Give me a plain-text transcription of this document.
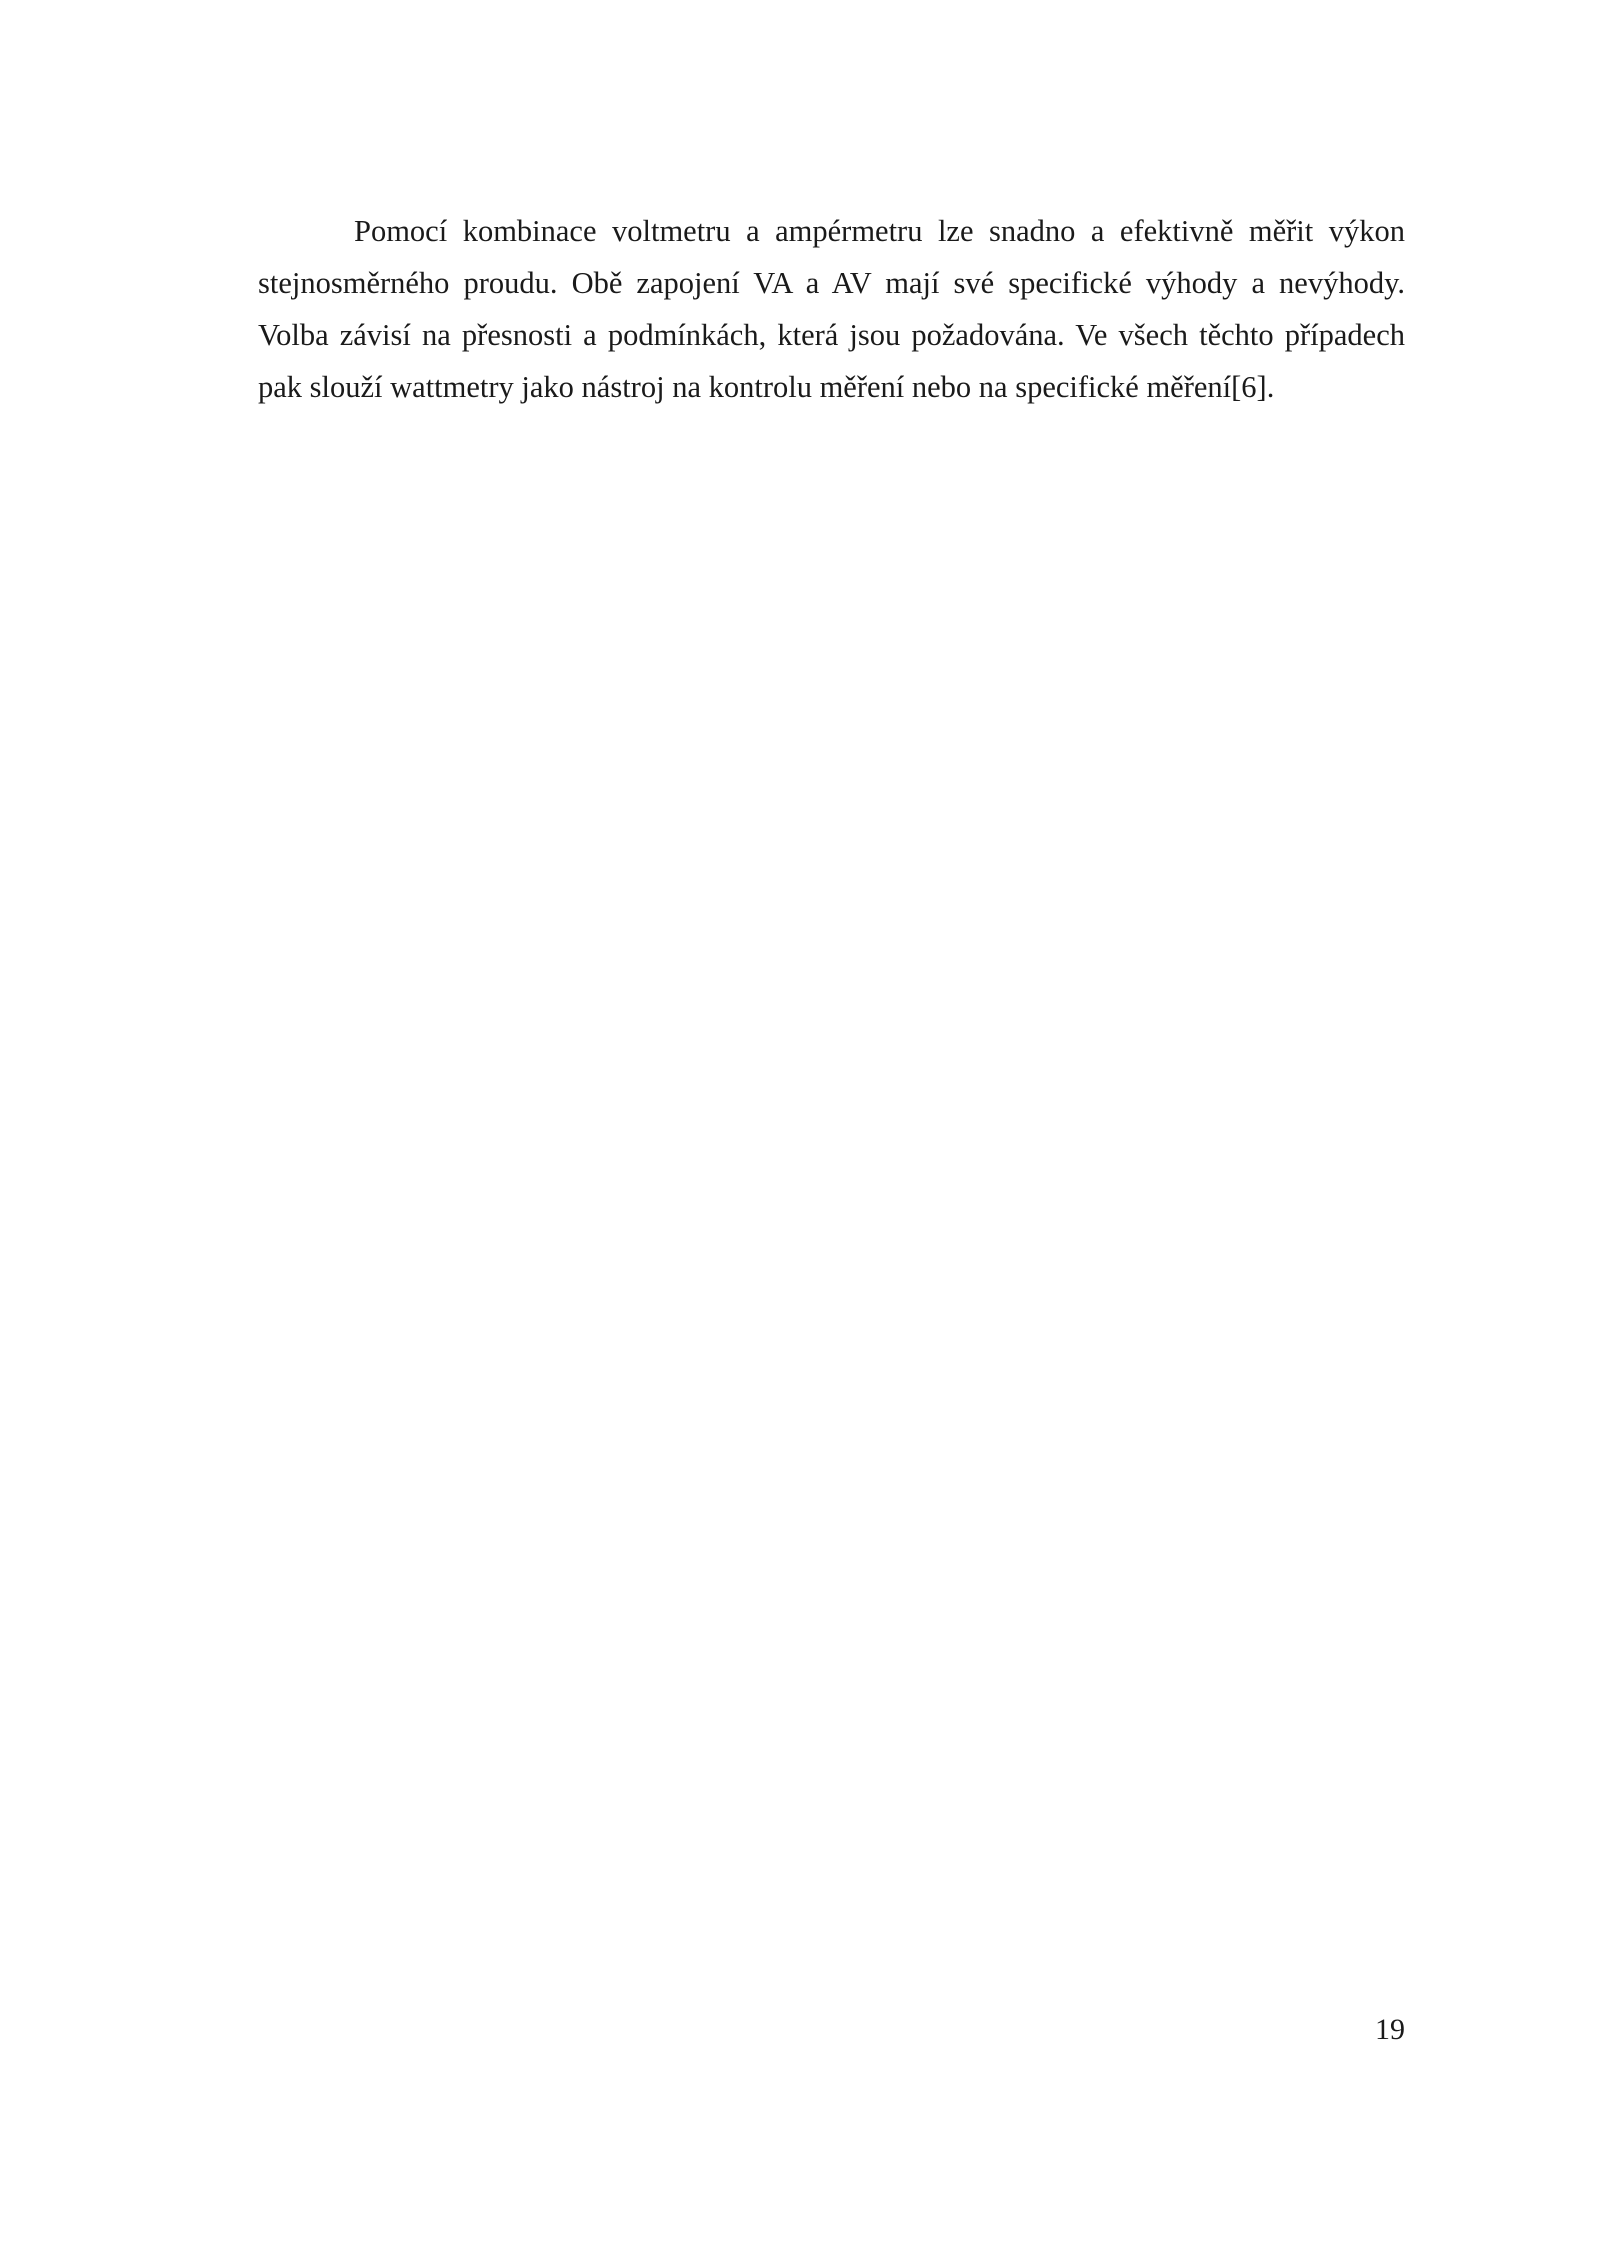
Pomocí kombinace voltmetru a ampérmetru lze snadno a efektivně měřit výkon stejnosměrného proudu. Obě zapojení VA a AV mají své specifické výhody a nevýhody. Volba závisí na přesnosti a podmínkách, která jsou požadována. Ve všech těchto případech pak slouží wattmetry jako nástroj na kontrolu měření nebo na specifické měření[6].

19
